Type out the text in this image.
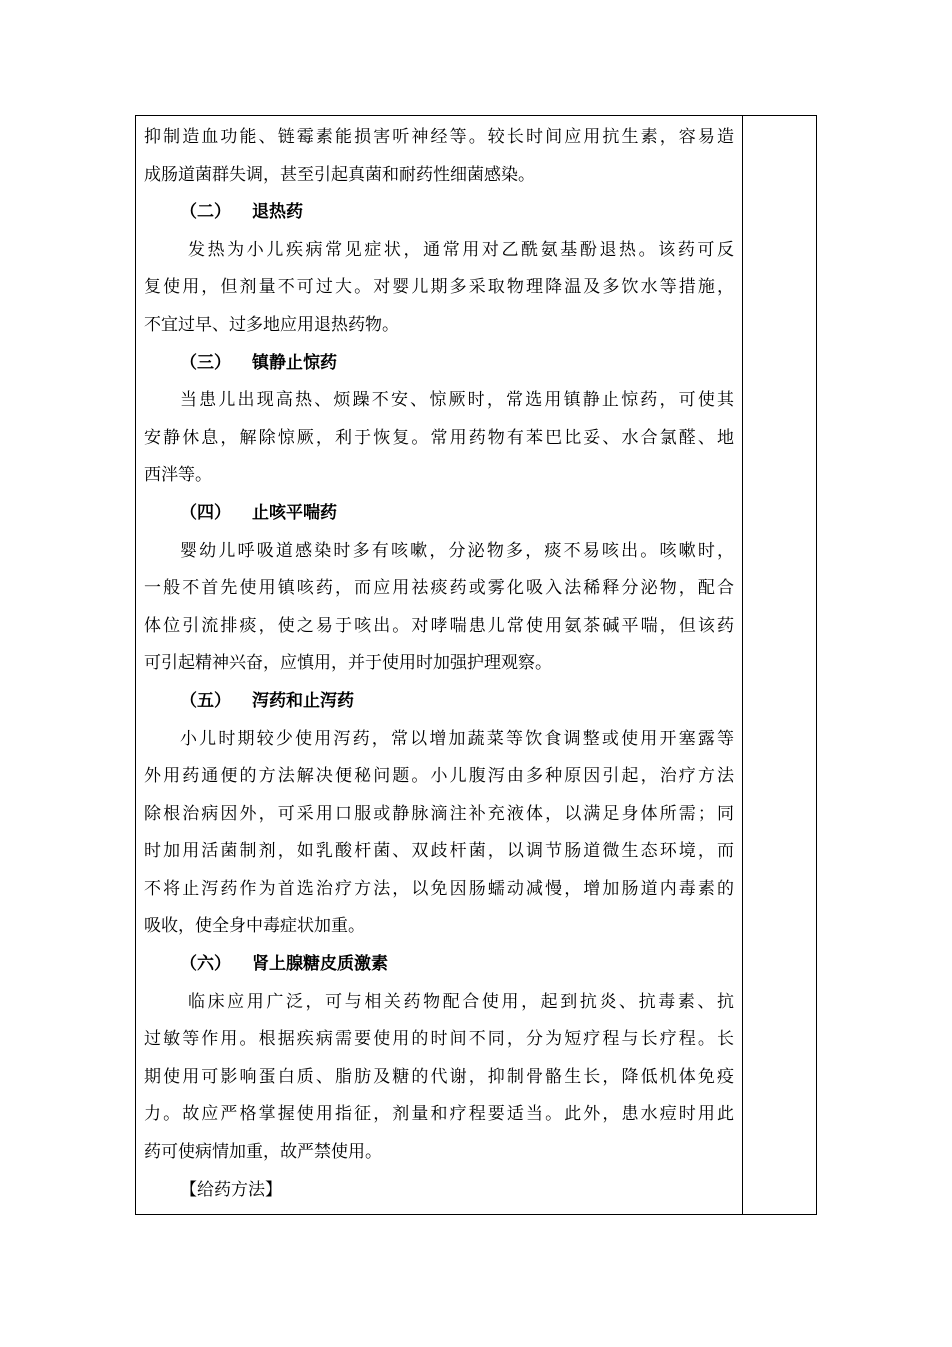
抑制造血功能、链霉素能损害听神经等。较长时间应用抗生素，容易造
成肠道菌群失调，甚至引起真菌和耐药性细菌感染。
（二） 退热药
发热为小儿疾病常见症状，通常用对乙酰氨基酚退热。该药可反
复使用，但剂量不可过大。对婴儿期多采取物理降温及多饮水等措施，
不宜过早、过多地应用退热药物。
（三） 镇静止惊药
当患儿出现高热、烦躁不安、惊厥时，常选用镇静止惊药，可使其
安静休息，解除惊厥，利于恢复。常用药物有苯巴比妥、水合氯醛、地
西泮等。
（四） 止咳平喘药
婴幼儿呼吸道感染时多有咳嗽，分泌物多，痰不易咳出。咳嗽时，
一般不首先使用镇咳药，而应用祛痰药或雾化吸入法稀释分泌物，配合
体位引流排痰，使之易于咳出。对哮喘患儿常使用氨茶碱平喘，但该药
可引起精神兴奋，应慎用，并于使用时加强护理观察。
（五） 泻药和止泻药
小儿时期较少使用泻药，常以增加蔬菜等饮食调整或使用开塞露等
外用药通便的方法解决便秘问题。小儿腹泻由多种原因引起，治疗方法
除根治病因外，可采用口服或静脉滴注补充液体，以满足身体所需；同
时加用活菌制剂，如乳酸杆菌、双歧杆菌，以调节肠道微生态环境，而
不将止泻药作为首选治疗方法，以免因肠蠕动减慢，增加肠道内毒素的
吸收，使全身中毒症状加重。
（六） 肾上腺糖皮质激素
临床应用广泛，可与相关药物配合使用，起到抗炎、抗毒素、抗
过敏等作用。根据疾病需要使用的时间不同，分为短疗程与长疗程。长
期使用可影响蛋白质、脂肪及糖的代谢，抑制骨骼生长，降低机体免疫
力。故应严格掌握使用指征，剂量和疗程要适当。此外，患水痘时用此
药可使病情加重，故严禁使用。
【给药方法】
